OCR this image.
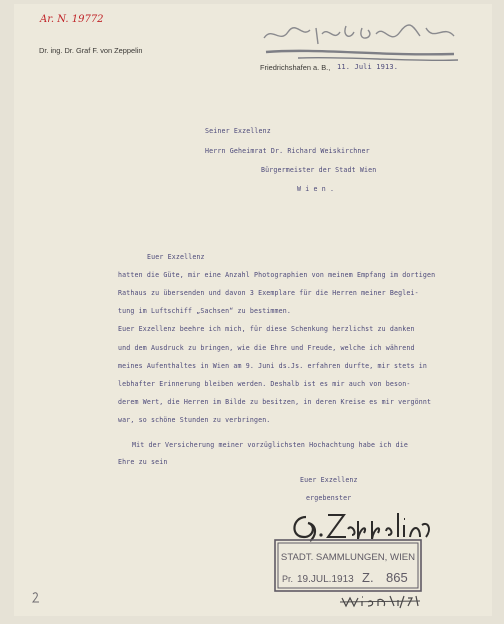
Ar. N. 19772
Dr. ing. Dr. Graf F. von Zeppelin
Friedrichshafen a. B., 11. Juli 1913.
Seiner Exzellenz
Herrn Geheimrat Dr. Richard Weiskirchner
Bürgermeister der Stadt Wien
W i e n .
Euer Exzellenz
hatten die Güte, mir eine Anzahl Photographien von meinem Empfang im dortigen
Rathaus zu übersenden und davon 3 Exemplare für die Herren meiner Beglei-
tung im Luftschiff „Sachsen“ zu bestimmen.
Euer Exzellenz beehre ich mich, für diese Schenkung herzlichst zu danken
und dem Ausdruck zu bringen, wie die Ehre und Freude, welche ich während
meines Aufenthaltes in Wien am 9. Juni ds.Js. erfahren durfte, mir stets in
lebhafter Erinnerung bleiben werden. Deshalb ist es mir auch von beson-
derem Wert, die Herren im Bilde zu besitzen, in deren Kreise es mir vergönnt
war, so schöne Stunden zu verbringen.
Mit der Versicherung meiner vorzüglichsten Hochachtung habe ich die
Ehre zu sein
Euer Exzellenz
ergebenster
STADT. SAMMLUNGEN, WIEN
Pr. 19.JUL.1913 Z. 865
